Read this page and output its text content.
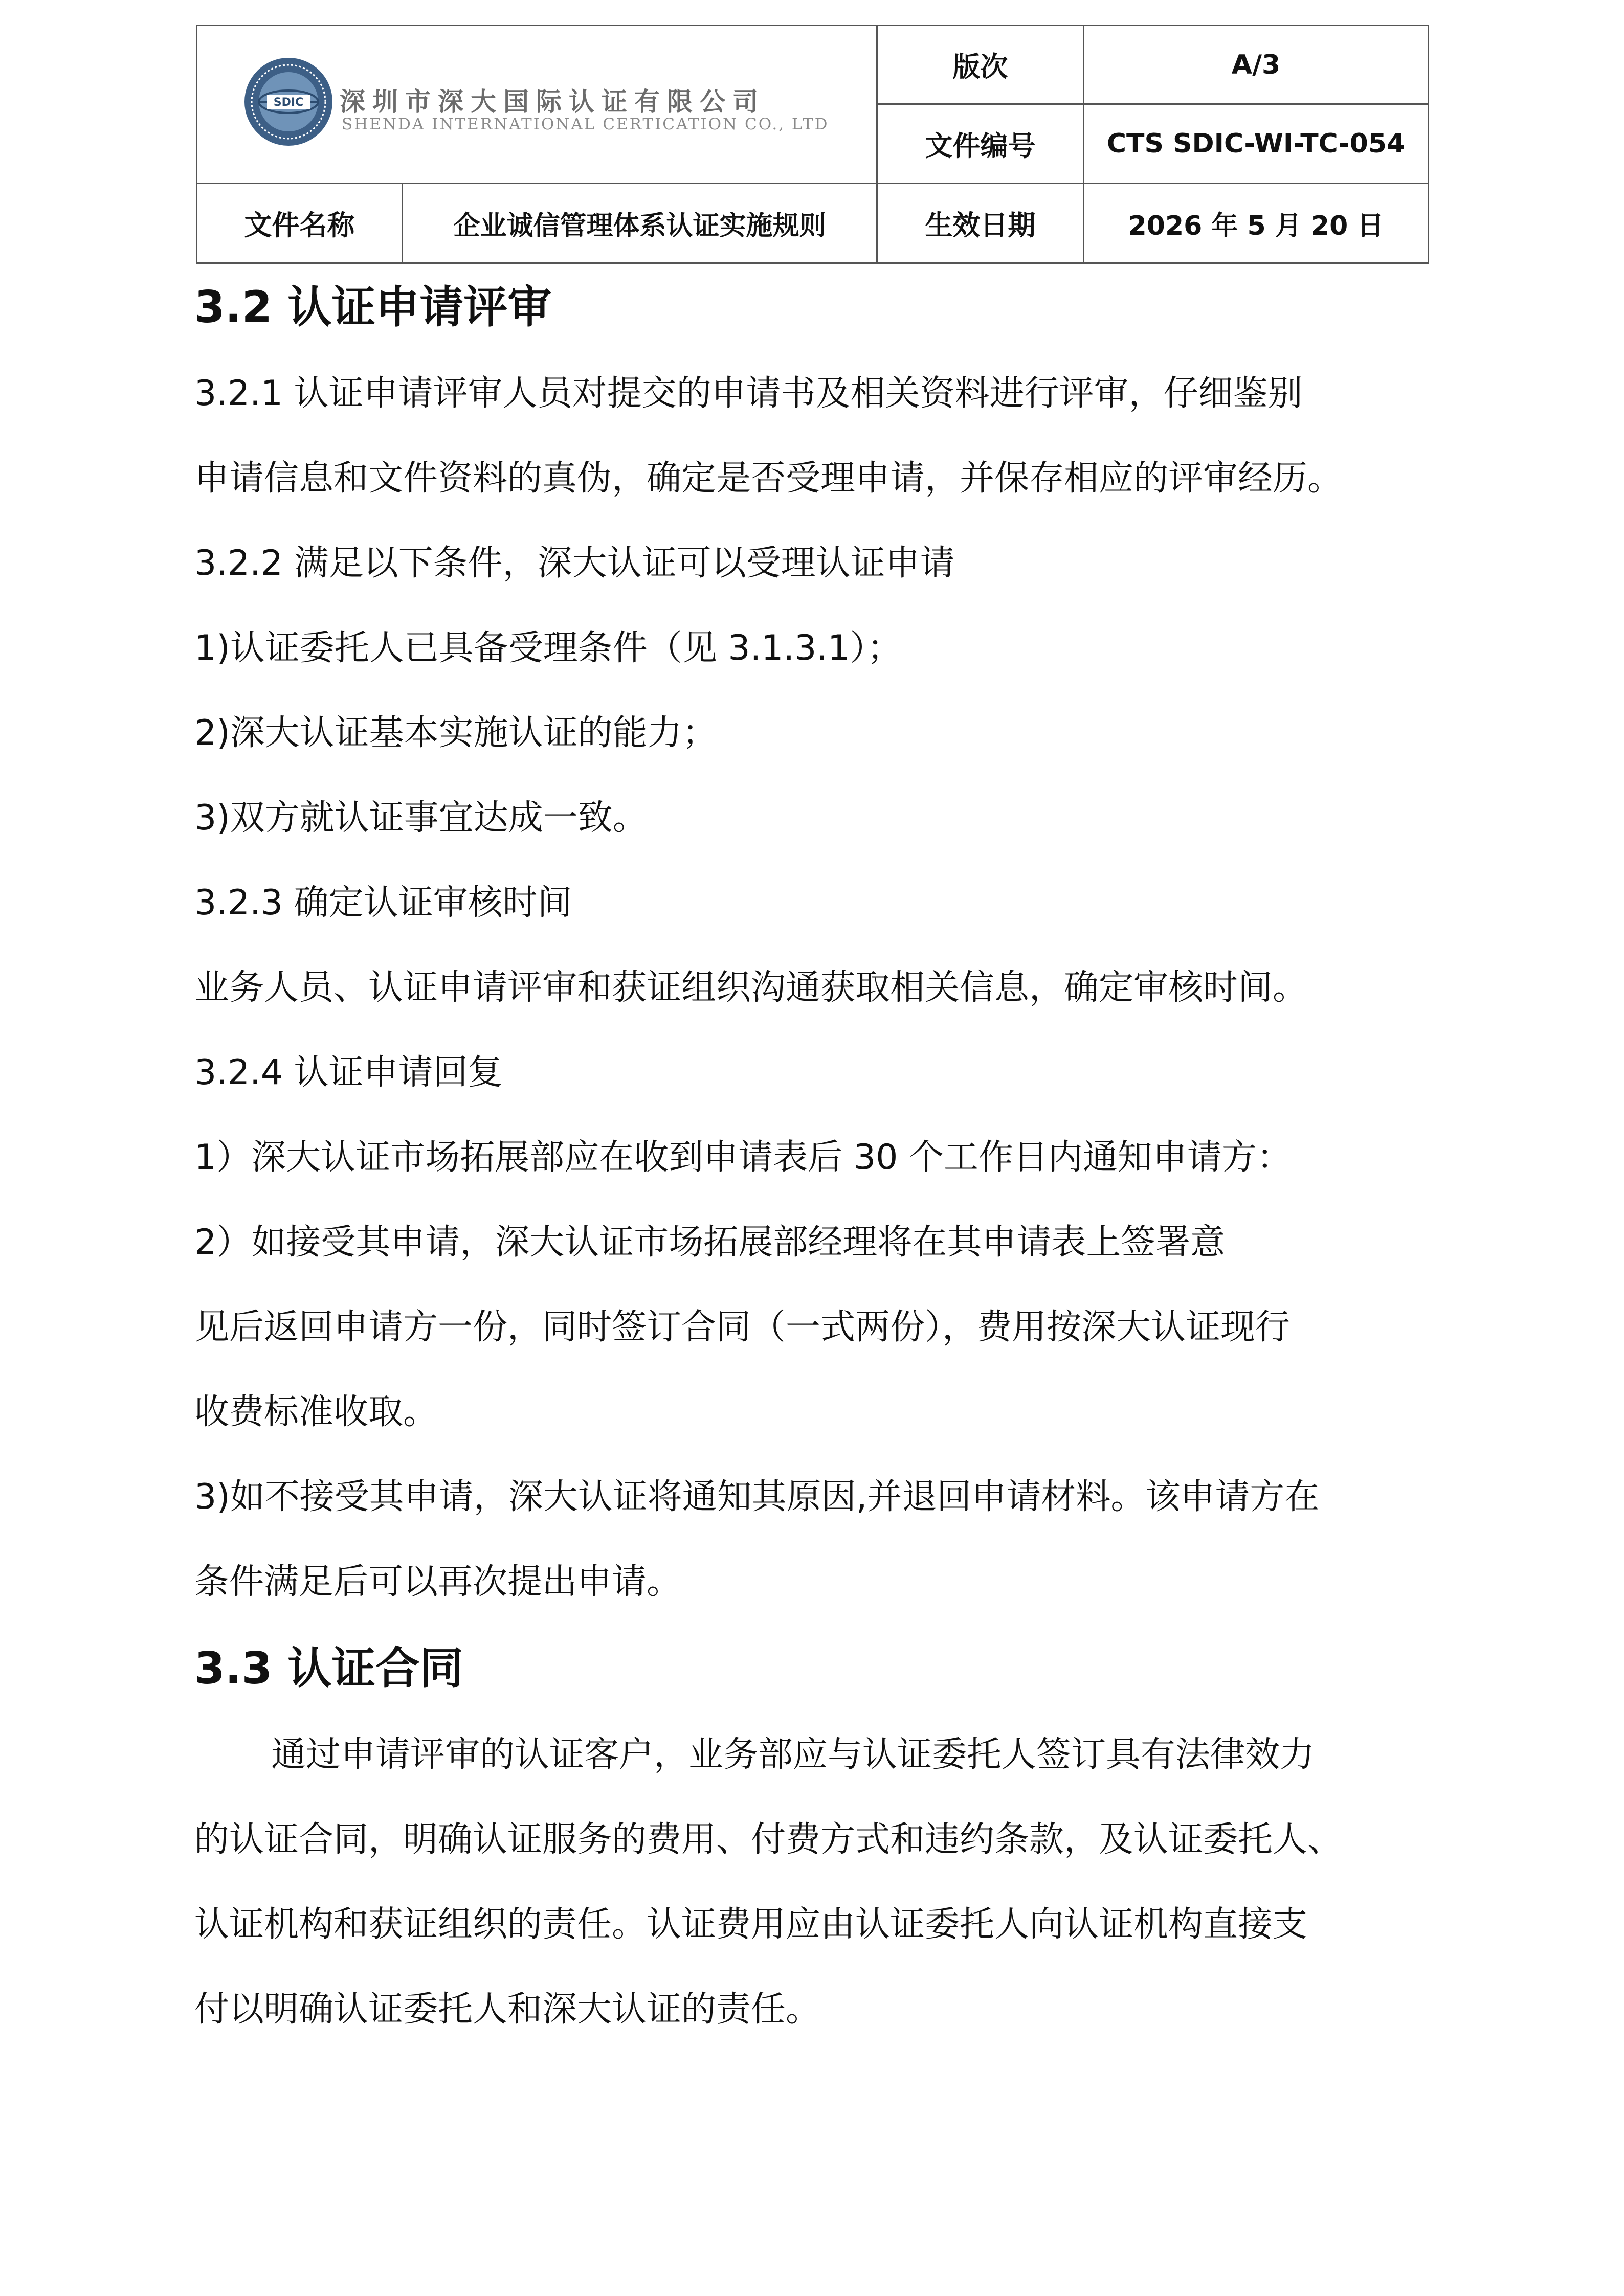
SDIC 深圳市深大国际认证有限公司
SHENDA INTERNATIONAL CERTICATION CO., LTD		版次	A/3
		文件编号	CTS SDIC-WI-TC-054
文件名称	企业诚信管理体系认证实施规则	生效日期	2026 年 5 月 20 日

3.2 认证申请评审

3.2.1 认证申请评审人员对提交的申请书及相关资料进行评审，仔细鉴别

申请信息和文件资料的真伪，确定是否受理申请，并保存相应的评审经历。

3.2.2 满足以下条件，深大认证可以受理认证申请

1)认证委托人已具备受理条件（见 3.1.3.1）；

2)深大认证基本实施认证的能力；

3)双方就认证事宜达成一致。

3.2.3 确定认证审核时间

业务人员、认证申请评审和获证组织沟通获取相关信息，确定审核时间。

3.2.4 认证申请回复

1）深大认证市场拓展部应在收到申请表后 30 个工作日内通知申请方：

2）如接受其申请，深大认证市场拓展部经理将在其申请表上签署意

见后返回申请方一份，同时签订合同（一式两份），费用按深大认证现行

收费标准收取。

3)如不接受其申请，深大认证将通知其原因,并退回申请材料。该申请方在

条件满足后可以再次提出申请。

3.3 认证合同

通过申请评审的认证客户，业务部应与认证委托人签订具有法律效力

的认证合同，明确认证服务的费用、付费方式和违约条款，及认证委托人、

认证机构和获证组织的责任。认证费用应由认证委托人向认证机构直接支

付以明确认证委托人和深大认证的责任。
